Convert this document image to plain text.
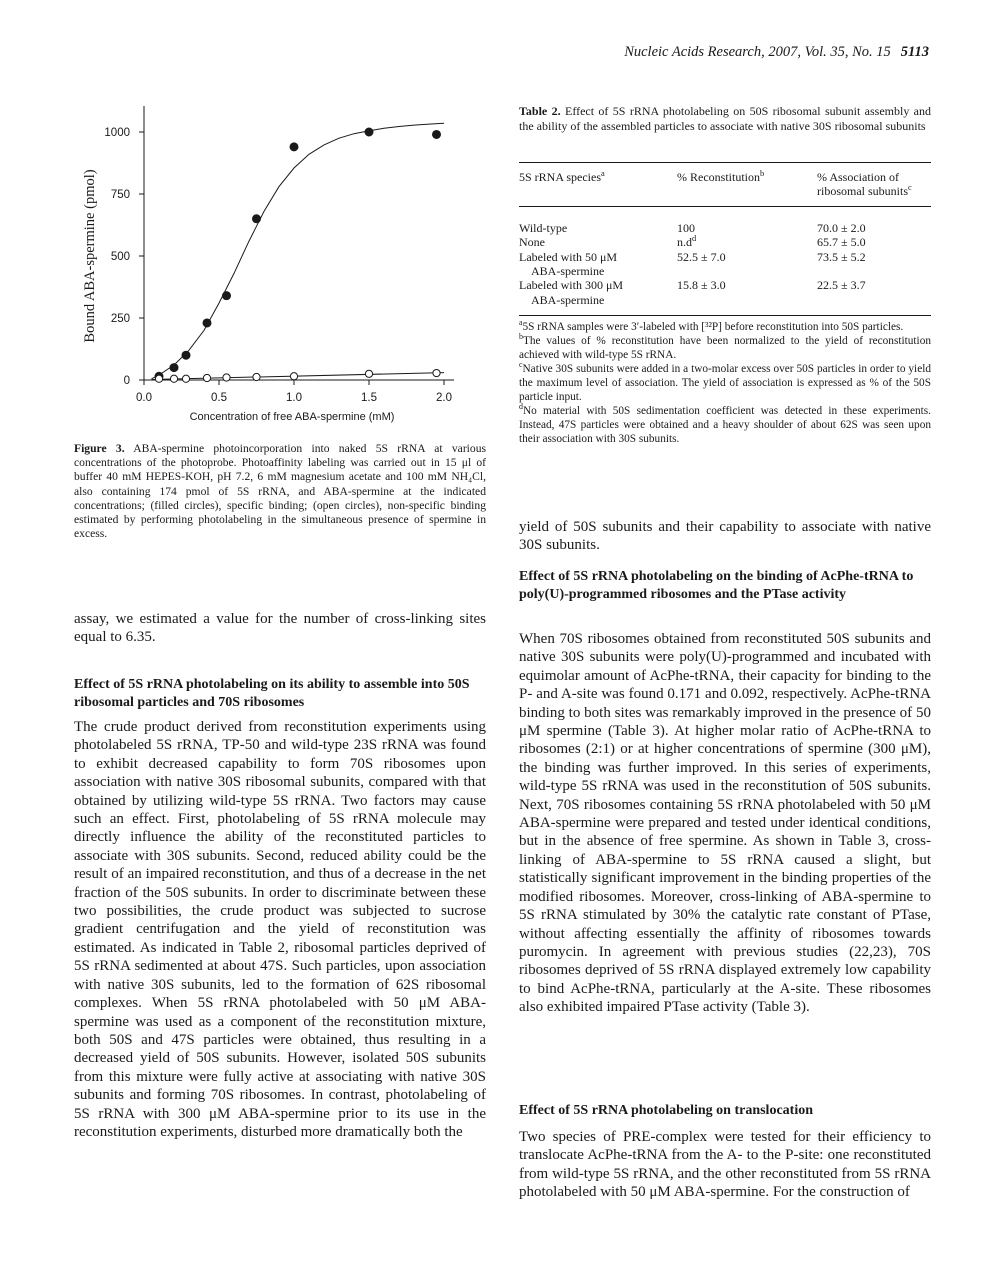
Nucleic Acids Research, 2007, Vol. 35, No. 15 5113
0.0	0.5	1.0	1.5	2.0
0
250
500
750
1000
Bound ABA-spermine (pmol)
Concentration of free ABA-spermine (mM)
Figure 3. ABA-spermine photoincorporation into naked 5S rRNA at various concentrations of the photoprobe. Photoaffinity labeling was carried out in 15 μl of buffer 40 mM HEPES-KOH, pH 7.2, 6 mM magnesium acetate and 100 mM NH₄Cl, also containing 174 pmol of 5S rRNA, and ABA-spermine at the indicated concentrations; (filled circles), specific binding; (open circles), non-specific binding estimated by performing photolabeling in the simultaneous presence of spermine in excess.

assay, we estimated a value for the number of cross-linking sites equal to 6.35.

Effect of 5S rRNA photolabeling on its ability to assemble into 50S ribosomal particles and 70S ribosomes

The crude product derived from reconstitution experiments using photolabeled 5S rRNA, TP-50 and wild-type 23S rRNA was found to exhibit decreased capability to form 70S ribosomes upon association with native 30S ribosomal subunits, compared with that obtained by utilizing wild-type 5S rRNA. Two factors may cause such an effect. First, photolabeling of 5S rRNA molecule may directly influence the ability of the reconstituted particles to associate with 30S subunits. Second, reduced ability could be the result of an impaired reconstitution, and thus of a decrease in the net fraction of the 50S subunits. In order to discriminate between these two possibilities, the crude product was subjected to sucrose gradient centrifugation and the yield of reconstitution was estimated. As indicated in Table 2, ribosomal particles deprived of 5S rRNA sedimented at about 47S. Such particles, upon association with native 30S subunits, led to the formation of 62S ribosomal complexes. When 5S rRNA photolabeled with 50 μM ABA-spermine was used as a component of the reconstitution mixture, both 50S and 47S particles were obtained, thus resulting in a decreased yield of 50S subunits. However, isolated 50S subunits from this mixture were fully active at associating with native 30S subunits and forming 70S ribosomes. In contrast, photolabeling of 5S rRNA with 300 μM ABA-spermine prior to its use in the reconstitution experiments, disturbed more dramatically both the

Table 2. Effect of 5S rRNA photolabeling on 50S ribosomal subunit assembly and the ability of the assembled particles to associate with native 30S ribosomal subunits
5S rRNA species$^a$	% Reconstitution$^b$	% Association of ribosomal subunits$^c$
Wild-type	100	70.0 ± 2.0
None	$n.d^d$	65.7 ± 5.0
Labeled with 50 μM
ABA-spermine	52.5 ± 7.0	73.5 ± 5.2
Labeled with 300 μM
ABA-spermine	15.8 ± 3.0	22.5 ± 3.7

$^a$5S rRNA samples were 3′-labeled with [³²P] before reconstitution into 50S particles.

$^b$The values of % reconstitution have been normalized to the yield of reconstitution achieved with wild-type 5S rRNA.

$^c$Native 30S subunits were added in a two-molar excess over 50S particles in order to yield the maximum level of association. The yield of association is expressed as % of the 50S particle input.

$^d$No material with 50S sedimentation coefficient was detected in these experiments. Instead, 47S particles were obtained and a heavy shoulder of about 62S was seen upon their association with 30S subunits.

yield of 50S subunits and their capability to associate with native 30S subunits.

Effect of 5S rRNA photolabeling on the binding of AcPhe-tRNA to poly(U)-programmed ribosomes and the PTase activity

When 70S ribosomes obtained from reconstituted 50S subunits and native 30S subunits were poly(U)-programmed and incubated with equimolar amount of AcPhe-tRNA, their capacity for binding to the P- and A-site was found 0.171 and 0.092, respectively. AcPhe-tRNA binding to both sites was remarkably improved in the presence of 50 μM spermine (Table 3). At higher molar ratio of AcPhe-tRNA to ribosomes (2:1) or at higher concentrations of spermine (300 μM), the binding was further improved. In this series of experiments, wild-type 5S rRNA was used in the reconstitution of 50S subunits. Next, 70S ribosomes containing 5S rRNA photolabeled with 50 μM ABA-spermine were prepared and tested under identical conditions, but in the absence of free spermine. As shown in Table 3, cross-linking of ABA-spermine to 5S rRNA caused a slight, but statistically significant improvement in the binding properties of the modified ribosomes. Moreover, cross-linking of ABA-spermine to 5S rRNA stimulated by 30% the catalytic rate constant of PTase, without affecting essentially the affinity of ribosomes towards puromycin. In agreement with previous studies (22,23), 70S ribosomes deprived of 5S rRNA displayed extremely low capability to bind AcPhe-tRNA, particularly at the A-site. These ribosomes also exhibited impaired PTase activity (Table 3).

Effect of 5S rRNA photolabeling on translocation

Two species of PRE-complex were tested for their efficiency to translocate AcPhe-tRNA from the A- to the P-site: one reconstituted from wild-type 5S rRNA, and the other reconstituted from 5S rRNA photolabeled with 50 μM ABA-spermine. For the construction of
